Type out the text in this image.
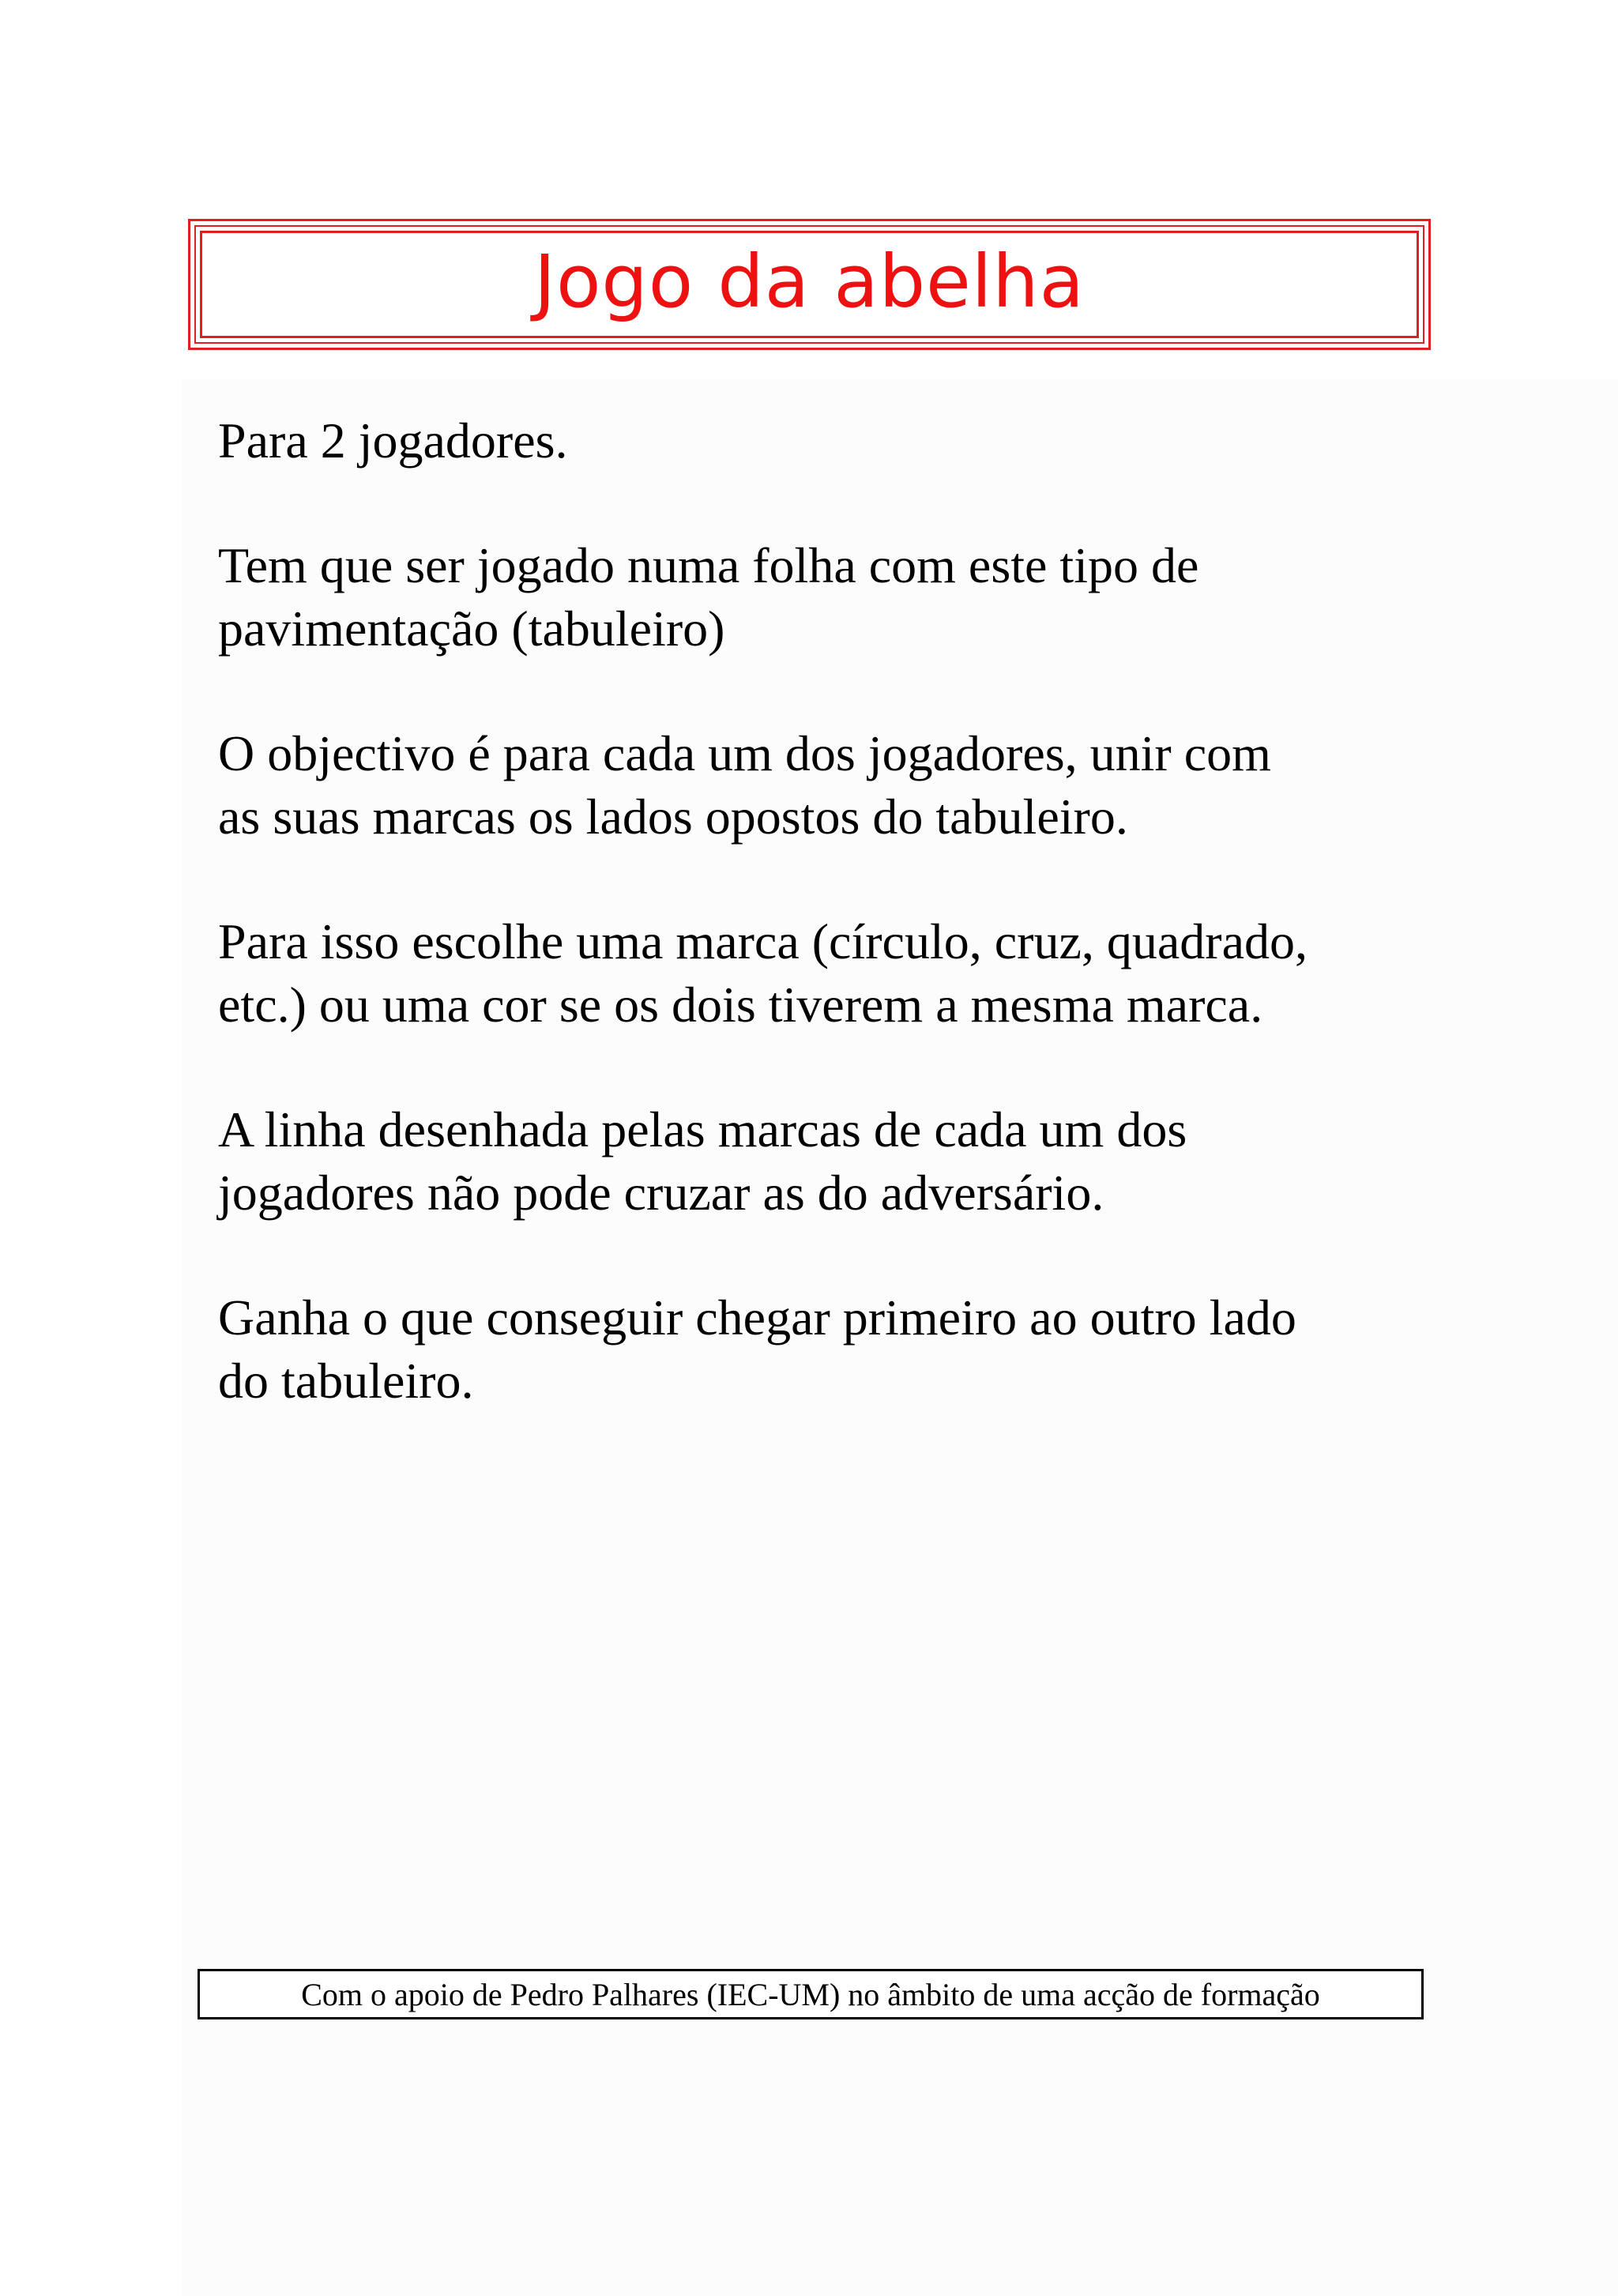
Jogo da abelha

Para 2 jogadores.

Tem que ser jogado numa folha com este tipo de
pavimentação (tabuleiro)

O objectivo é para cada um dos jogadores, unir com
as suas marcas os lados opostos do tabuleiro.

Para isso escolhe uma marca (círculo, cruz, quadrado,
etc.) ou uma cor se os dois tiverem a mesma marca.

A linha desenhada pelas marcas de cada um dos
jogadores não pode cruzar as do adversário.

Ganha o que conseguir chegar primeiro ao outro lado
do tabuleiro.

Com o apoio de Pedro Palhares (IEC-UM) no âmbito de uma acção de formação
